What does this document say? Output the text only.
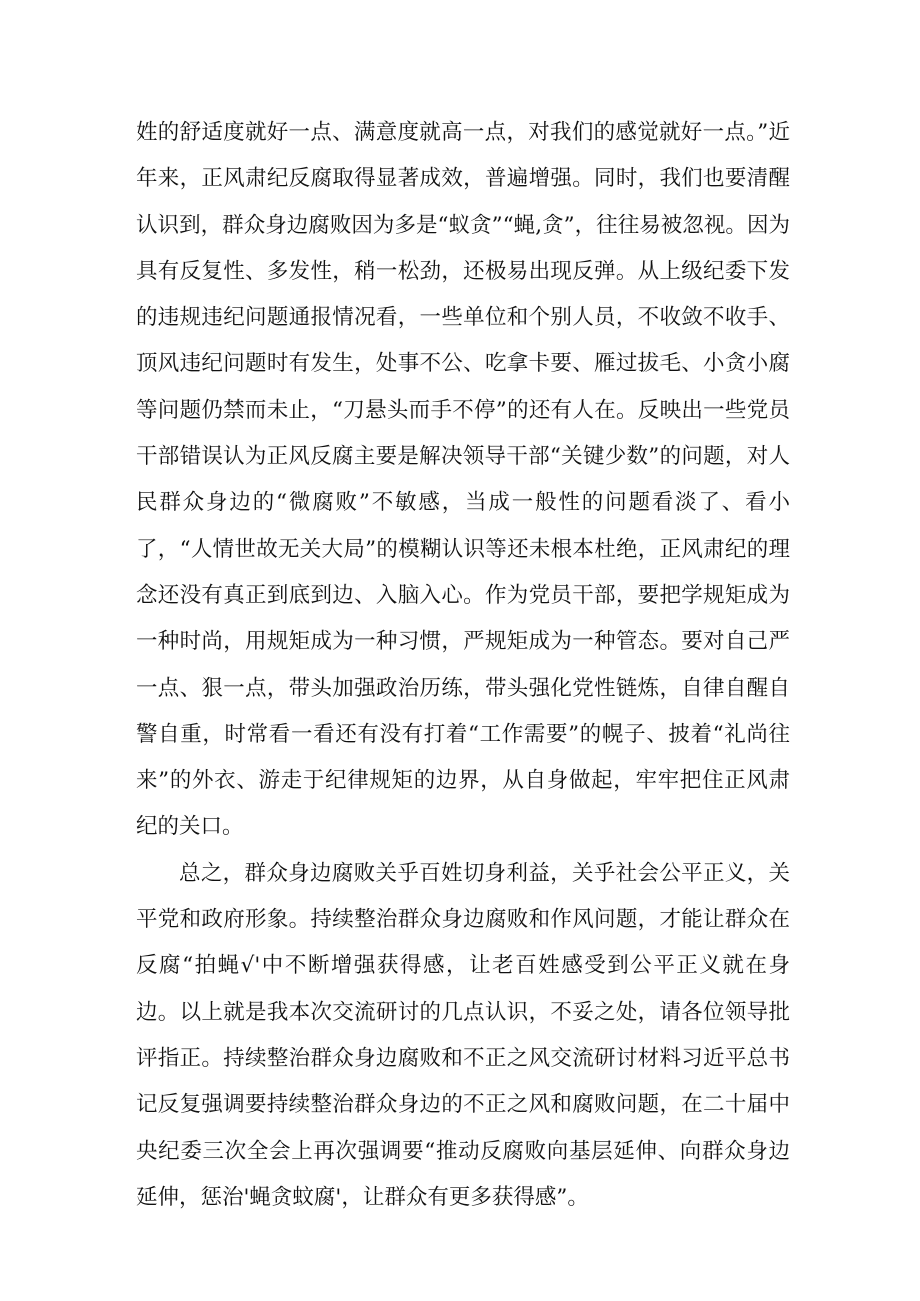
姓的舒适度就好一点、满意度就高一点，对我们的感觉就好一点。”近年来，正风肃纪反腐取得显著成效，普遍增强。同时，我们也要清醒认识到，群众身边腐败因为多是“蚁贪”“蝇,贪”，往往易被忽视。因为具有反复性、多发性，稍一松劲，还极易出现反弹。从上级纪委下发的违规违纪问题通报情况看，一些单位和个别人员，不收敛不收手、顶风违纪问题时有发生，处事不公、吃拿卡要、雁过拔毛、小贪小腐等问题仍禁而未止，“刀悬头而手不停”的还有人在。反映出一些党员干部错误认为正风反腐主要是解决领导干部“关键少数”的问题，对人民群众身边的“微腐败”不敏感，当成一般性的问题看淡了、看小了，“人情世故无关大局”的模糊认识等还未根本杜绝，正风肃纪的理念还没有真正到底到边、入脑入心。作为党员干部，要把学规矩成为一种时尚，用规矩成为一种习惯，严规矩成为一种管态。要对自己严一点、狠一点，带头加强政治历练，带头强化党性链炼，自律自醒自警自重，时常看一看还有没有打着“工作需要”的幌子、披着“礼尚往来”的外衣、游走于纪律规矩的边界，从自身做起，牢牢把住正风肃纪的关口。

总之，群众身边腐败关乎百姓切身利益，关乎社会公平正义，关平党和政府形象。持续整治群众身边腐败和作风问题，才能让群众在反腐“拍蝇√'中不断增强获得感，让老百姓感受到公平正义就在身边。以上就是我本次交流研讨的几点认识，不妥之处，请各位领导批评指正。持续整治群众身边腐败和不正之风交流研讨材料习近平总书记反复强调要持续整治群众身边的不正之风和腐败问题，在二十届中央纪委三次全会上再次强调要“推动反腐败向基层延伸、向群众身边延伸，惩治'蝇贪蚊腐'，让群众有更多获得感”。
